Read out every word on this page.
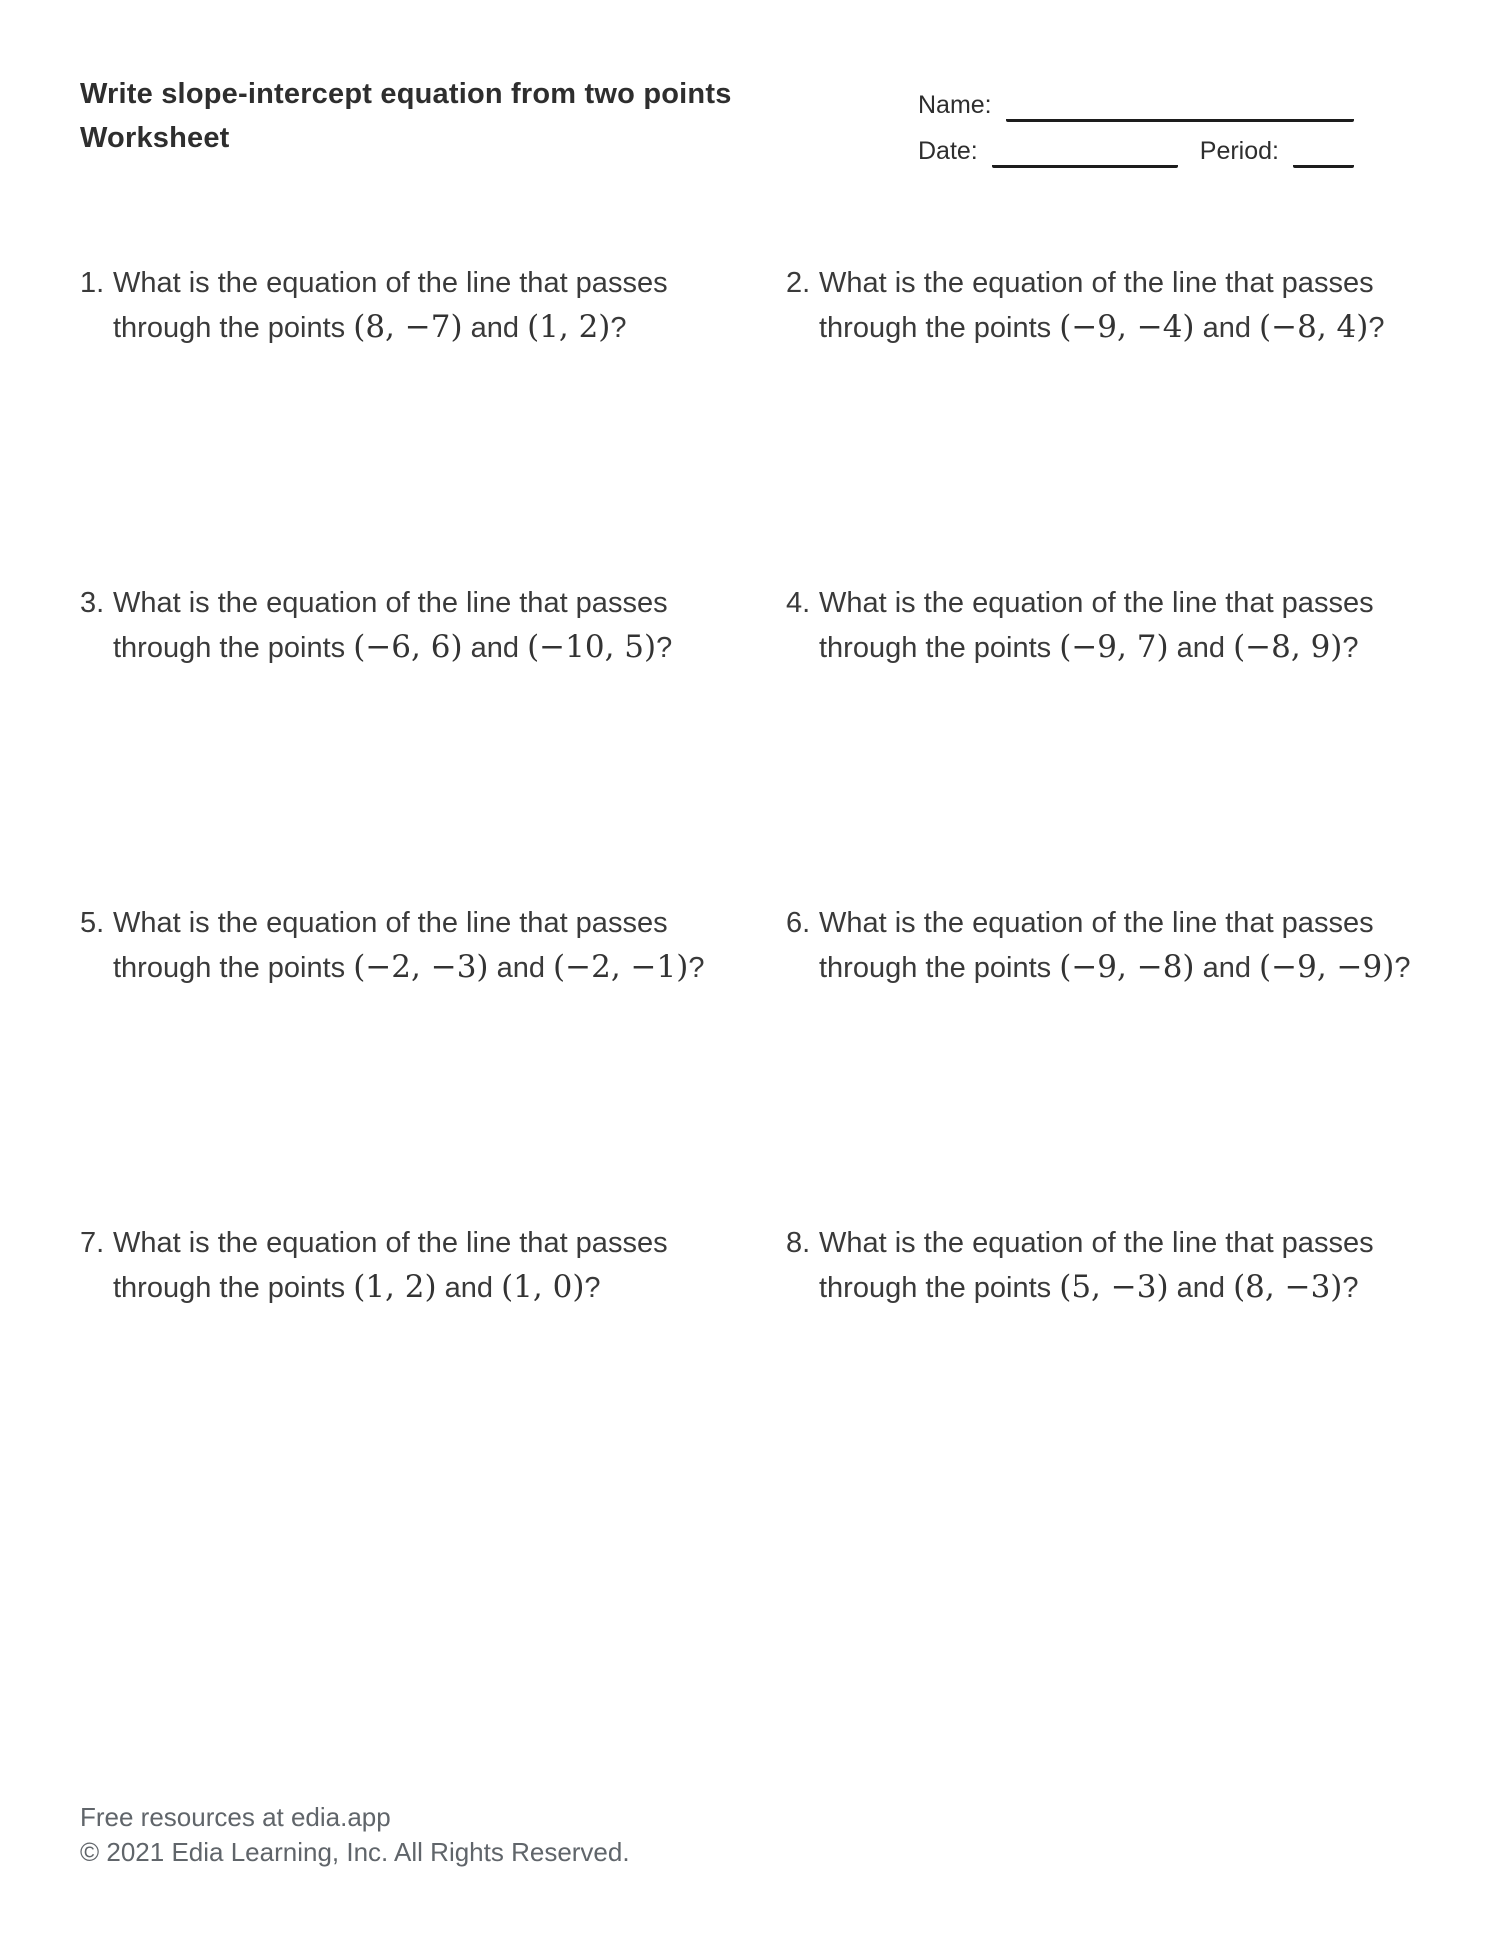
Write slope-intercept equation from two points
Worksheet
Name:
Date:	Period:
1. What is the equation of the line that passes
through the points (8, −7) and (1, 2)?
2. What is the equation of the line that passes
through the points (−9, −4) and (−8, 4)?
3. What is the equation of the line that passes
through the points (−6, 6) and (−10, 5)?
4. What is the equation of the line that passes
through the points (−9, 7) and (−8, 9)?
5. What is the equation of the line that passes
through the points (−2, −3) and (−2, −1)?
6. What is the equation of the line that passes
through the points (−9, −8) and (−9, −9)?
7. What is the equation of the line that passes
through the points (1, 2) and (1, 0)?
8. What is the equation of the line that passes
through the points (5, −3) and (8, −3)?
Free resources at edia.app
© 2021 Edia Learning, Inc. All Rights Reserved.
